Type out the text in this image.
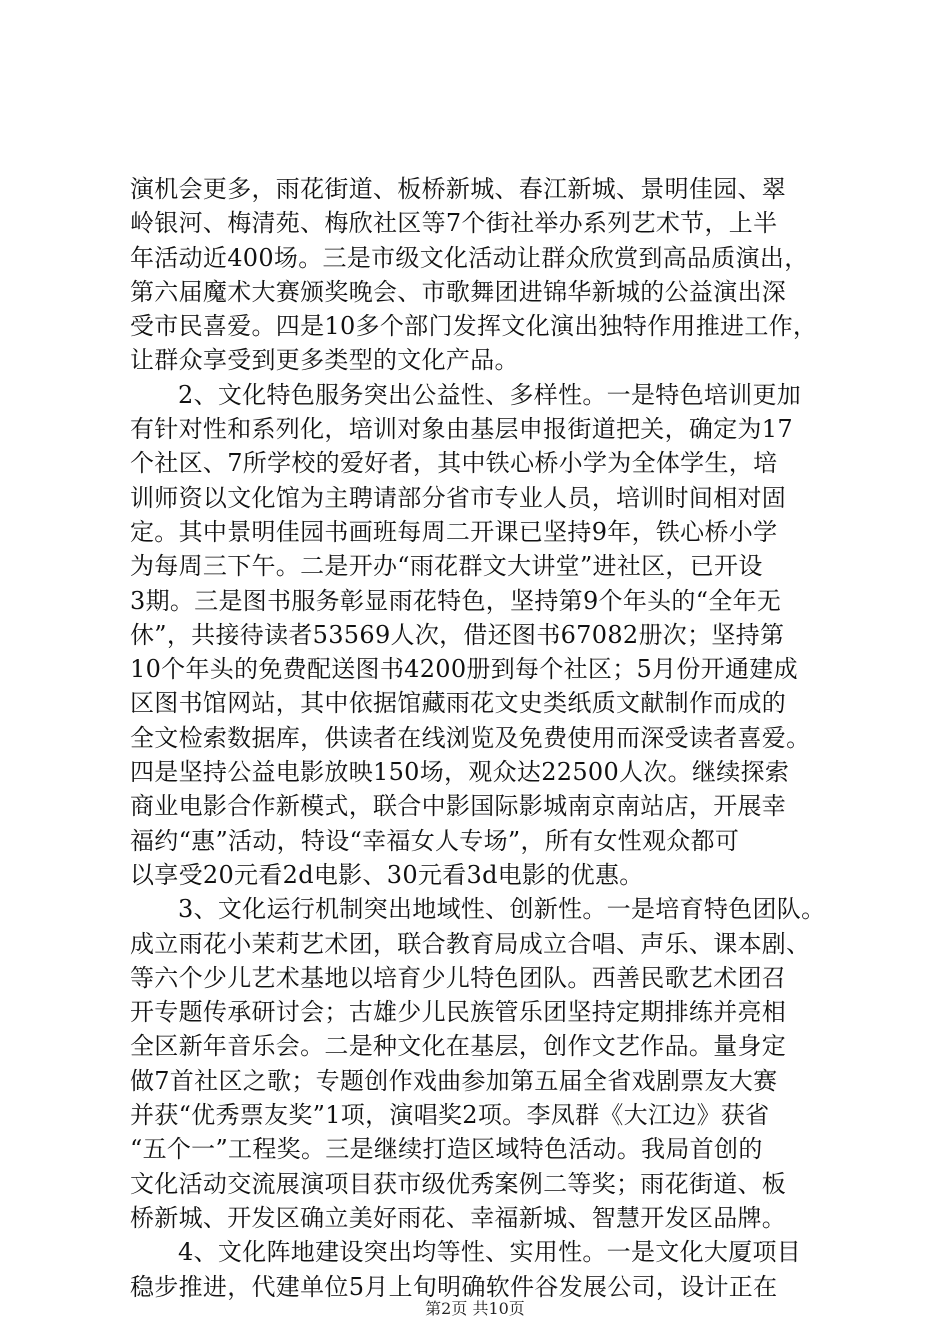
演机会更多，雨花街道、板桥新城、春江新城、景明佳园、翠
岭银河、梅清苑、梅欣社区等7个街社举办系列艺术节，上半
年活动近400场。三是市级文化活动让群众欣赏到高品质演出，
第六届魔术大赛颁奖晚会、市歌舞团进锦华新城的公益演出深
受市民喜爱。四是10多个部门发挥文化演出独特作用推进工作，
让群众享受到更多类型的文化产品。
2、文化特色服务突出公益性、多样性。一是特色培训更加
有针对性和系列化，培训对象由基层申报街道把关，确定为17
个社区、7所学校的爱好者，其中铁心桥小学为全体学生，培
训师资以文化馆为主聘请部分省市专业人员，培训时间相对固
定。其中景明佳园书画班每周二开课已坚持9年，铁心桥小学
为每周三下午。二是开办“雨花群文大讲堂”进社区，已开设
3期。三是图书服务彰显雨花特色，坚持第9个年头的“全年无
休”，共接待读者53569人次，借还图书67082册次；坚持第
10个年头的免费配送图书4200册到每个社区；5月份开通建成
区图书馆网站，其中依据馆藏雨花文史类纸质文献制作而成的
全文检索数据库，供读者在线浏览及免费使用而深受读者喜爱。
四是坚持公益电影放映150场，观众达22500人次。继续探索
商业电影合作新模式，联合中影国际影城南京南站店，开展幸
福约“惠”活动，特设“幸福女人专场”，所有女性观众都可
以享受20元看2d电影、30元看3d电影的优惠。
3、文化运行机制突出地域性、创新性。一是培育特色团队。
成立雨花小茉莉艺术团，联合教育局成立合唱、声乐、课本剧、
等六个少儿艺术基地以培育少儿特色团队。西善民歌艺术团召
开专题传承研讨会；古雄少儿民族管乐团坚持定期排练并亮相
全区新年音乐会。二是种文化在基层，创作文艺作品。量身定
做7首社区之歌；专题创作戏曲参加第五届全省戏剧票友大赛
并获“优秀票友奖”1项，演唱奖2项。李凤群《大江边》获省
“五个一”工程奖。三是继续打造区域特色活动。我局首创的
文化活动交流展演项目获市级优秀案例二等奖；雨花街道、板
桥新城、开发区确立美好雨花、幸福新城、智慧开发区品牌。
4、文化阵地建设突出均等性、实用性。一是文化大厦项目
稳步推进，代建单位5月上旬明确软件谷发展公司，设计正在
第2页 共10页
